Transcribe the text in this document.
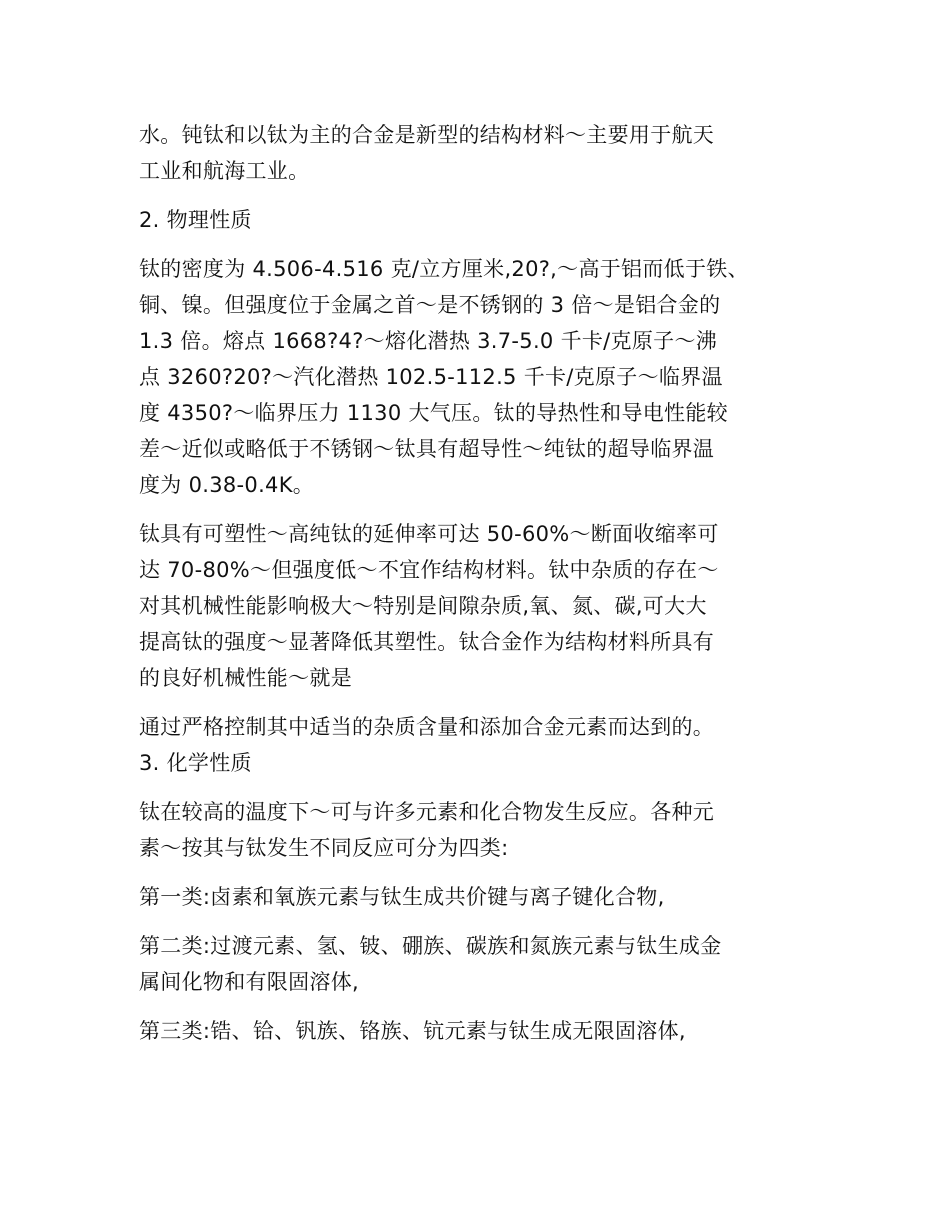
水。钝钛和以钛为主的合金是新型的结构材料～主要用于航天
工业和航海工业。

2. 物理性质

钛的密度为 4.506-4.516 克/立方厘米,20?,～高于铝而低于铁、
铜、镍。但强度位于金属之首～是不锈钢的 3 倍～是铝合金的
1.3 倍。熔点 1668?4?～熔化潜热 3.7-5.0 千卡/克原子～沸
点 3260?20?～汽化潜热 102.5-112.5 千卡/克原子～临界温
度 4350?～临界压力 1130 大气压。钛的导热性和导电性能较
差～近似或略低于不锈钢～钛具有超导性～纯钛的超导临界温
度为 0.38-0.4K。

钛具有可塑性～高纯钛的延伸率可达 50-60%～断面收缩率可
达 70-80%～但强度低～不宜作结构材料。钛中杂质的存在～
对其机械性能影响极大～特别是间隙杂质,氧、氮、碳,可大大
提高钛的强度～显著降低其塑性。钛合金作为结构材料所具有
的良好机械性能～就是

通过严格控制其中适当的杂质含量和添加合金元素而达到的。

3. 化学性质

钛在较高的温度下～可与许多元素和化合物发生反应。各种元
素～按其与钛发生不同反应可分为四类:

第一类:卤素和氧族元素与钛生成共价键与离子键化合物,

第二类:过渡元素、氢、铍、硼族、碳族和氮族元素与钛生成金
属间化物和有限固溶体,

第三类:锆、铪、钒族、铬族、钪元素与钛生成无限固溶体,
